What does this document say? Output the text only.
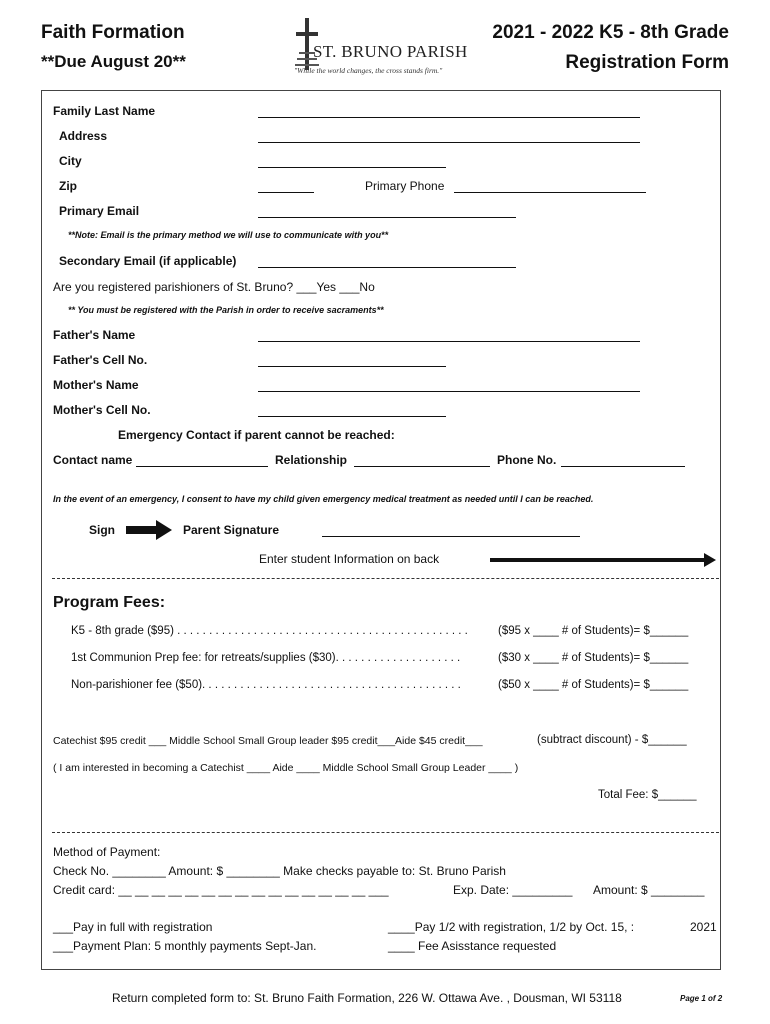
Faith Formation
**Due August 20**
ST. BRUNO PARISH
"While the world changes, the cross stands firm."
2021 - 2022 K5 - 8th Grade
Registration Form
Family Last Name
Address
City
Zip	Primary Phone
Primary Email
**Note: Email is the primary method we will use to communicate with you**
Secondary Email (if applicable)
Are you registered parishioners of St. Bruno? ___Yes ___No
** You must be registered with the Parish in order to receive sacraments**
Father's Name
Father's Cell No.
Mother's Name
Mother's Cell No.
Emergency Contact if parent cannot be reached:
Contact name	Relationship	Phone No.
In the event of an emergency, I consent to have my child given emergency medical treatment as needed until I can be reached.
Sign	Parent Signature
Enter student Information on back
Program Fees:
K5 - 8th grade ($95) . . . . . . . . . . . . . . . . . . . . . . . . . . . . . . . . . . . . . . . . . . . . . .	($95 x ____ # of Students)= $______
1st Communion Prep fee: for retreats/supplies ($30). . . . . . . . . . . . . . . . . . . .	($30 x ____ # of Students)= $______
Non-parishioner fee ($50). . . . . . . . . . . . . . . . . . . . . . . . . . . . . . . . . . . . . . . . .	($50 x ____ # of Students)= $______
Catechist $95 credit ___ Middle School Small Group leader $95 credit___Aide $45 credit___	(subtract discount) - $______
( I am interested in becoming a Catechist ____ Aide ____ Middle School Small Group Leader ____ )
Total Fee: $______
Method of Payment:
Check No. ________ Amount: $ ________ Make checks payable to: St. Bruno Parish
Credit card: __ __ __ __ __ __ __ __ __ __ __ __ __ __ __ ___	Exp. Date: _________ Amount: $ ________
___Pay in full with registration	____Pay 1/2 with registration, 1/2 by Oct. 15, :	2021
___Payment Plan: 5 monthly payments Sept-Jan.	____ Fee Asisstance requested
Return completed form to: St. Bruno Faith Formation, 226 W. Ottawa Ave. , Dousman, WI 53118	Page 1 of 2
